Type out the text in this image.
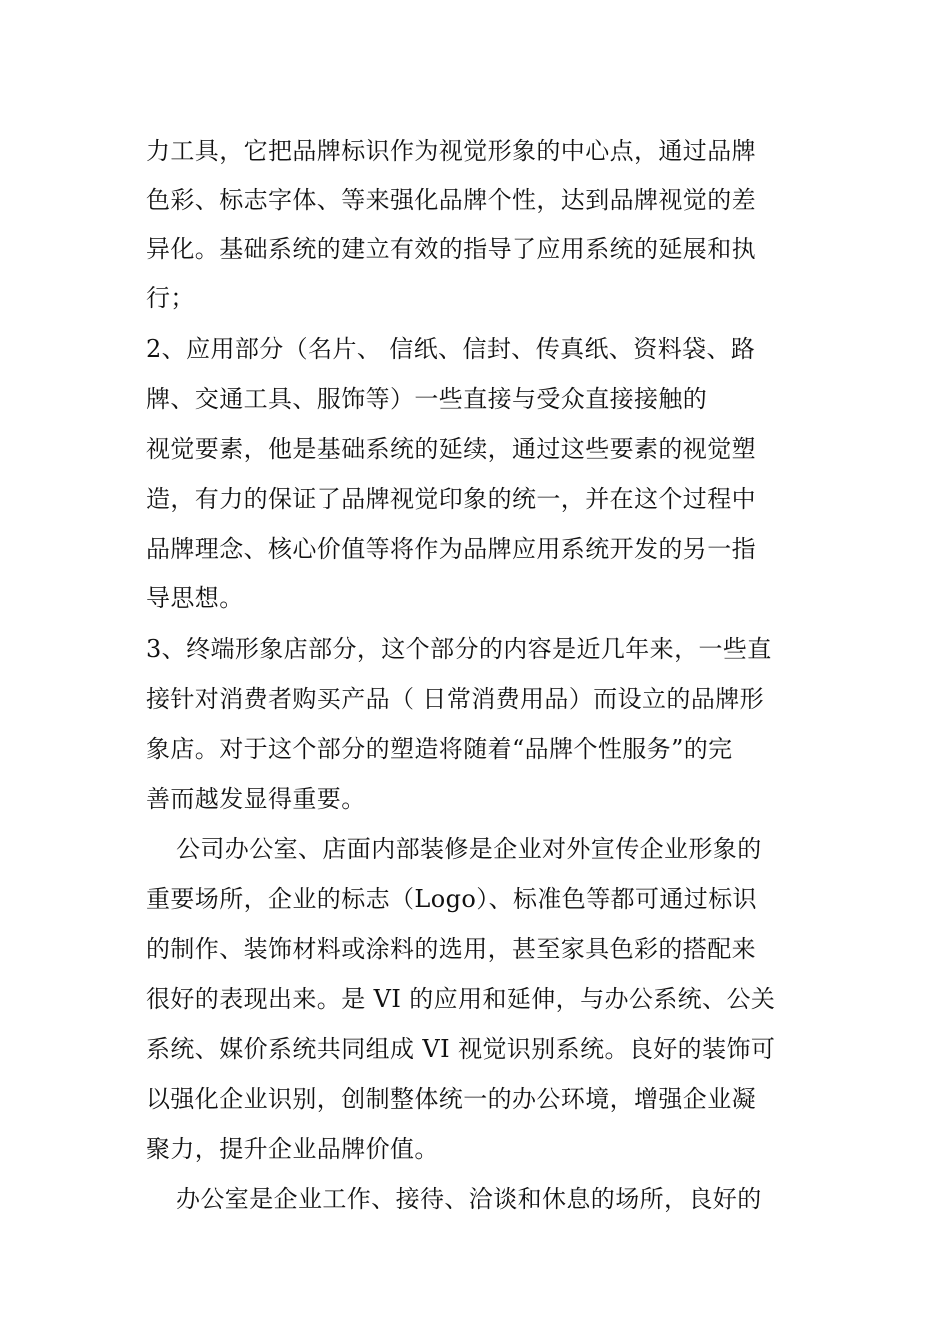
力工具，它把品牌标识作为视觉形象的中心点，通过品牌

色彩、标志字体、等来强化品牌个性，达到品牌视觉的差

异化。基础系统的建立有效的指导了应用系统的延展和执

行；

2、应用部分（名片、 信纸、信封、传真纸、资料袋、路

牌、交通工具、服饰等）一些直接与受众直接接触的

视觉要素，他是基础系统的延续，通过这些要素的视觉塑

造，有力的保证了品牌视觉印象的统一，并在这个过程中

品牌理念、核心价值等将作为品牌应用系统开发的另一指

导思想。

3、终端形象店部分，这个部分的内容是近几年来，一些直

接针对消费者购买产品（ 日常消费用品）而设立的品牌形

象店。对于这个部分的塑造将随着“品牌个性服务”的完

善而越发显得重要。

公司办公室、店面内部装修是企业对外宣传企业形象的

重要场所，企业的标志（Logo）、标准色等都可通过标识

的制作、装饰材料或涂料的选用，甚至家具色彩的搭配来

很好的表现出来。是 VI 的应用和延伸，与办公系统、公关

系统、媒价系统共同组成 VI 视觉识别系统。良好的装饰可

以强化企业识别，创制整体统一的办公环境，增强企业凝

聚力，提升企业品牌价值。

办公室是企业工作、接待、洽谈和休息的场所，良好的
